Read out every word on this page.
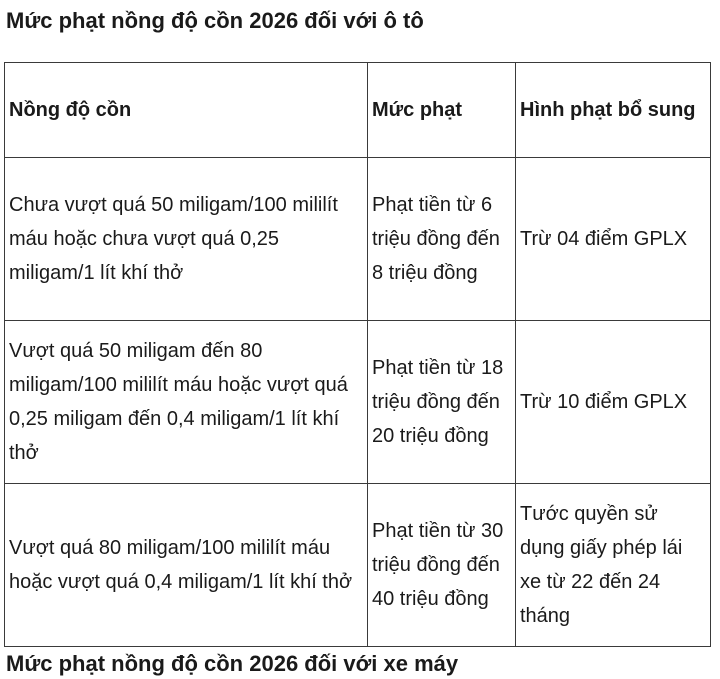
Mức phạt nồng độ cồn 2026 đối với ô tô
Nồng độ cồn	Mức phạt	Hình phạt bổ sung
Chưa vượt quá 50 miligam/100 mililít máu hoặc chưa vượt quá 0,25 miligam/1 lít khí thở	Phạt tiền từ 6 triệu đồng đến 8 triệu đồng	Trừ 04 điểm GPLX
Vượt quá 50 miligam đến 80 miligam/100 mililít máu hoặc vượt quá 0,25 miligam đến 0,4 miligam/1 lít khí thở	Phạt tiền từ 18 triệu đồng đến 20 triệu đồng	Trừ 10 điểm GPLX
Vượt quá 80 miligam/100 mililít máu hoặc vượt quá 0,4 miligam/1 lít khí thở	Phạt tiền từ 30 triệu đồng đến 40 triệu đồng	Tước quyền sử dụng giấy phép lái xe từ 22 đến 24 tháng
Mức phạt nồng độ cồn 2026 đối với xe máy
